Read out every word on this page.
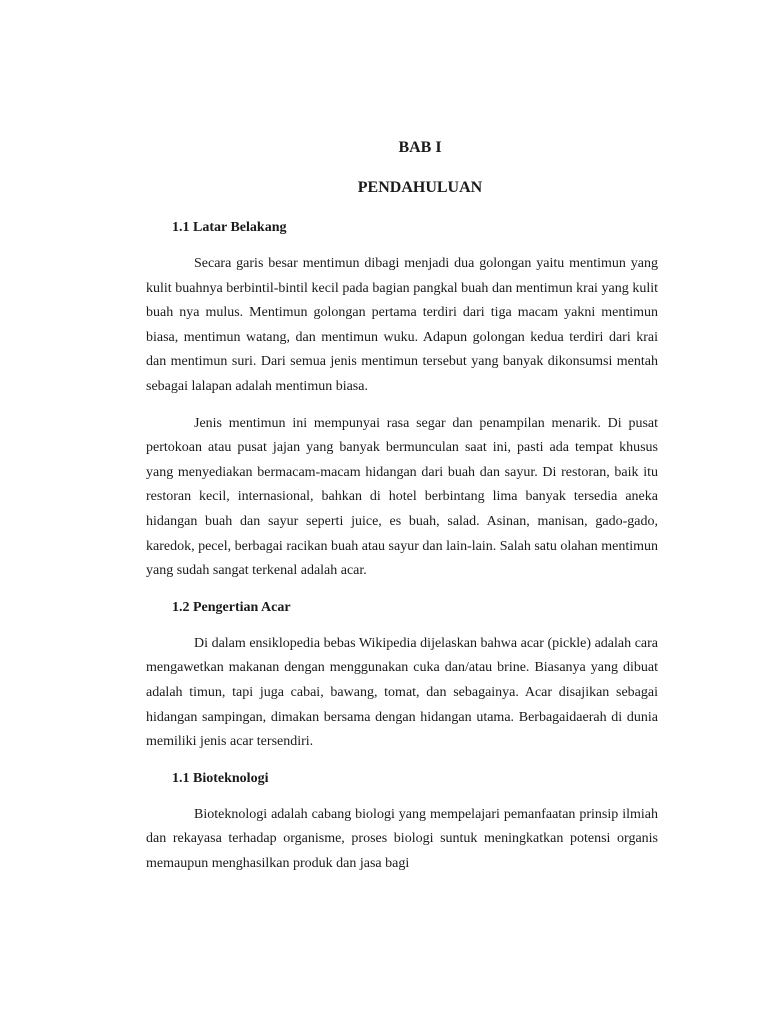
BAB I
PENDAHULUAN
1.1 Latar Belakang

Secara garis besar mentimun dibagi menjadi dua golongan yaitu mentimun yang kulit buahnya berbintil-bintil kecil pada bagian pangkal buah dan mentimun krai yang kulit buah nya mulus. Mentimun golongan pertama terdiri dari tiga macam yakni mentimun biasa, mentimun watang, dan mentimun wuku. Adapun golongan kedua terdiri dari krai dan mentimun suri. Dari semua jenis mentimun tersebut yang banyak dikonsumsi mentah sebagai lalapan adalah mentimun biasa.

Jenis mentimun ini mempunyai rasa segar dan penampilan menarik. Di pusat pertokoan atau pusat jajan yang banyak bermunculan saat ini, pasti ada tempat khusus yang menyediakan bermacam-macam hidangan dari buah dan sayur. Di restoran, baik itu restoran kecil, internasional, bahkan di hotel berbintang lima banyak tersedia aneka hidangan buah dan sayur seperti juice, es buah, salad. Asinan, manisan, gado-gado, karedok, pecel, berbagai racikan buah atau sayur dan lain-lain. Salah satu olahan mentimun yang sudah sangat terkenal adalah acar.

1.2 Pengertian Acar

Di dalam ensiklopedia bebas Wikipedia dijelaskan bahwa acar (pickle) adalah cara mengawetkan makanan dengan menggunakan cuka dan/atau brine. Biasanya yang dibuat adalah timun, tapi juga cabai, bawang, tomat, dan sebagainya. Acar disajikan sebagai hidangan sampingan, dimakan bersama dengan hidangan utama. Berbagaidaerah di dunia memiliki jenis acar tersendiri.

1.1 Bioteknologi

Bioteknologi adalah cabang biologi yang mempelajari pemanfaatan prinsip ilmiah dan rekayasa terhadap organisme, proses biologi suntuk meningkatkan potensi organis memaupun menghasilkan produk dan jasa bagi
